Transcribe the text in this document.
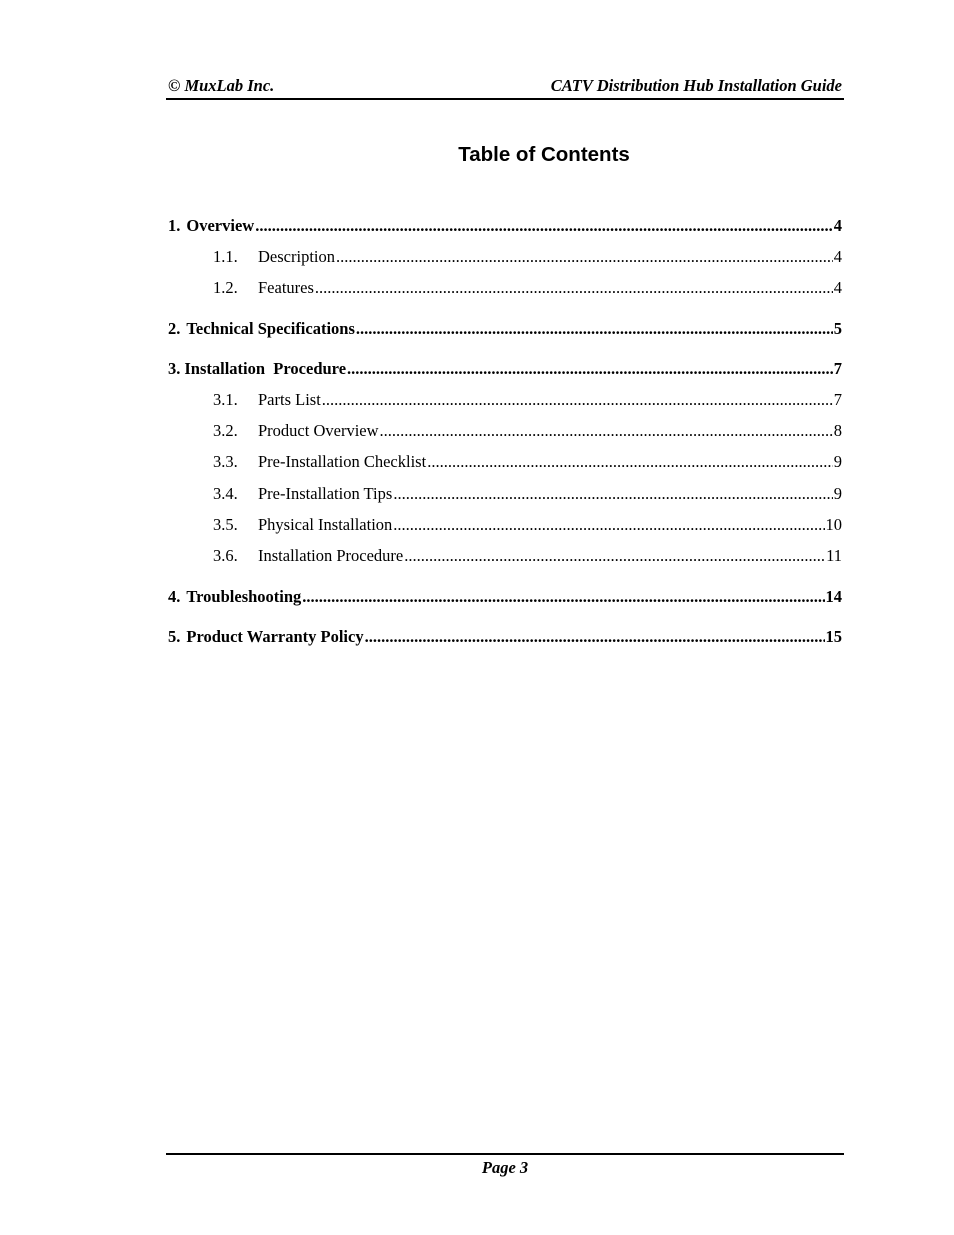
© MuxLab Inc.	CATV Distribution Hub Installation Guide
Table of Contents
1. Overview .....	4
1.1.	Description .....	4
1.2.	Features .....	4
2. Technical Specifications .....	5
3. Installation  Procedure .....	7
3.1.	Parts List .....	7
3.2.	Product Overview .....	8
3.3.	Pre-Installation Checklist .....	9
3.4.	Pre-Installation Tips .....	9
3.5.	Physical Installation .....	10
3.6.	Installation Procedure .....	11
4. Troubleshooting .....	14
5. Product Warranty Policy .....	15
Page 3
